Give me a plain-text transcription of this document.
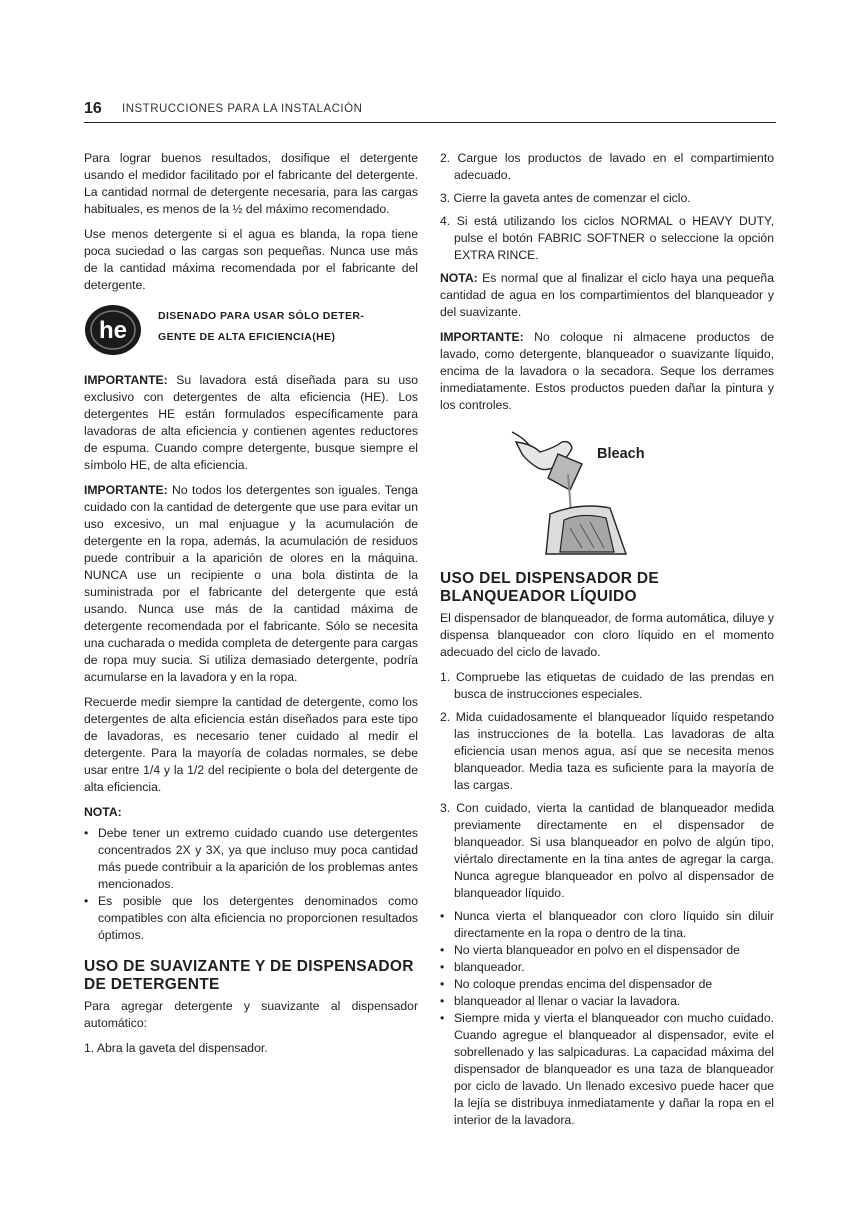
16 INSTRUCCIONES PARA LA INSTALACIÓN

Para lograr buenos resultados, dosifique el detergente usando el medidor facilitado por el fabricante del detergente. La cantidad normal de detergente necesaria, para las cargas habituales, es menos de la ½ del máximo recomendado.

Use menos detergente si el agua es blanda, la ropa tiene poca suciedad o las cargas son pequeñas. Nunca use más de la cantidad máxima recomendada por el fabricante del detergente.

he
DISENADO PARA USAR SÓLO DETER-
GENTE DE ALTA EFICIENCIA(HE)

IMPORTANTE: Su lavadora está diseñada para su uso exclusivo con detergentes de alta eficiencia (HE). Los detergentes HE están formulados específicamente para lavadoras de alta eficiencia y contienen agentes reductores de espuma. Cuando compre detergente, busque siempre el símbolo HE, de alta eficiencia.

IMPORTANTE: No todos los detergentes son iguales. Tenga cuidado con la cantidad de detergente que use para evitar un uso excesivo, un mal enjuague y la acumulación de detergente en la ropa, además, la acumulación de residuos puede contribuir a la aparición de olores en la máquina. NUNCA use un recipiente o una bola distinta de la suministrada por el fabricante del detergente que está usando. Nunca use más de la cantidad máxima de detergente recomendada por el fabricante. Sólo se necesita una cucharada o medida completa de detergente para cargas de ropa muy sucia. Si utiliza demasiado detergente, podría acumularse en la lavadora y en la ropa.

Recuerde medir siempre la cantidad de detergente, como los detergentes de alta eficiencia están diseñados para este tipo de lavadoras, es necesario tener cuidado al medir el detergente. Para la mayoría de coladas normales, se debe usar entre 1/4 y la 1/2 del recipiente o bola del detergente de alta eficiencia.

NOTA:
• Debe tener un extremo cuidado cuando use detergentes concentrados 2X y 3X, ya que incluso muy poca cantidad más puede contribuir a la aparición de los problemas antes mencionados.
• Es posible que los detergentes denominados como compatibles con alta eficiencia no proporcionen resultados óptimos.
USO DE SUAVIZANTE Y DE DISPENSADOR DE DETERGENTE

Para agregar detergente y suavizante al dispensador automático:

1. Abra la gaveta del dispensador.

2. Cargue los productos de lavado en el compartimiento adecuado.
3. Cierre la gaveta antes de comenzar el ciclo.
4. Si está utilizando los ciclos NORMAL o HEAVY DUTY, pulse el botón FABRIC SOFTNER o seleccione la opción EXTRA RINCE.

NOTA: Es normal que al finalizar el ciclo haya una pequeña cantidad de agua en los compartimientos del blanqueador y del suavizante.

IMPORTANTE: No coloque ni almacene productos de lavado, como detergente, blanqueador o suavizante líquido, encima de la lavadora o la secadora. Seque los derrames inmediatamente. Estos productos pueden dañar la pintura y los controles.

Bleach
USO DEL DISPENSADOR DE BLANQUEADOR LÍQUIDO

El dispensador de blanqueador, de forma automática, diluye y dispensa blanqueador con cloro líquido en el momento adecuado del ciclo de lavado.

1. Compruebe las etiquetas de cuidado de las prendas en busca de instrucciones especiales.
2. Mida cuidadosamente el blanqueador líquido respetando las instrucciones de la botella. Las lavadoras de alta eficiencia usan menos agua, así que se necesita menos blanqueador. Media taza es suficiente para la mayoría de las cargas.
3. Con cuidado, vierta la cantidad de blanqueador medida previamente directamente en el dispensador de blanqueador. Si usa blanqueador en polvo de algún tipo, viértalo directamente en la tina antes de agregar la carga. Nunca agregue blanqueador en polvo al dispensador de blanqueador líquido.
• Nunca vierta el blanqueador con cloro líquido sin diluir directamente en la ropa o dentro de la tina.
• No vierta blanqueador en polvo en el dispensador de
• blanqueador.
• No coloque prendas encima del dispensador de
• blanqueador al llenar o vaciar la lavadora.
• Siempre mida y vierta el blanqueador con mucho cuidado. Cuando agregue el blanqueador al dispensador, evite el sobrellenado y las salpicaduras. La capacidad máxima del dispensador de blanqueador es una taza de blanqueador por ciclo de lavado. Un llenado excesivo puede hacer que la lejía se distribuya inmediatamente y dañar la ropa en el interior de la lavadora.
